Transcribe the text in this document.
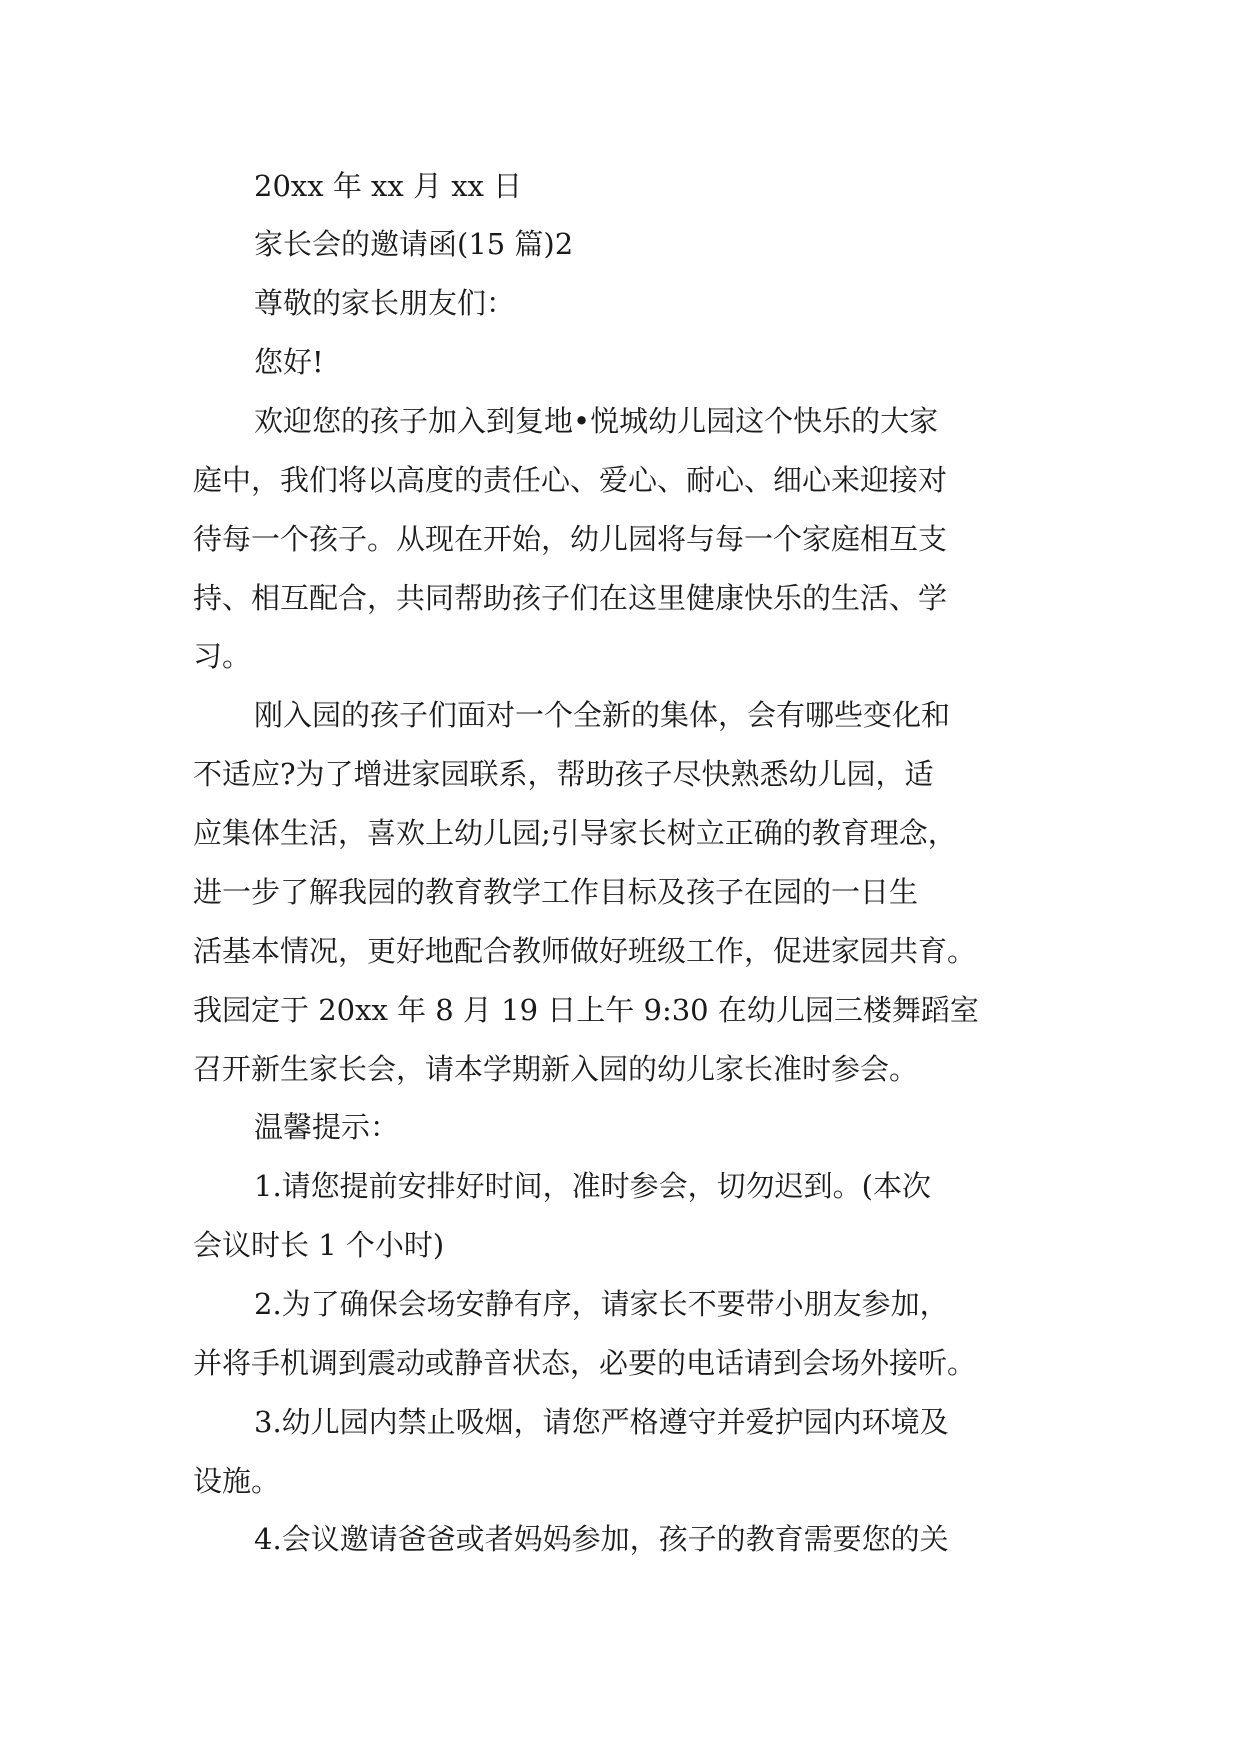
20xx 年 xx 月 xx 日
家长会的邀请函(15 篇)2
尊敬的家长朋友们：
您好!
欢迎您的孩子加入到复地•悦城幼儿园这个快乐的大家
庭中，我们将以高度的责任心、爱心、耐心、细心来迎接对
待每一个孩子。从现在开始，幼儿园将与每一个家庭相互支
持、相互配合，共同帮助孩子们在这里健康快乐的生活、学
习。
刚入园的孩子们面对一个全新的集体，会有哪些变化和
不适应?为了增进家园联系，帮助孩子尽快熟悉幼儿园，适
应集体生活，喜欢上幼儿园;引导家长树立正确的教育理念，
进一步了解我园的教育教学工作目标及孩子在园的一日生
活基本情况，更好地配合教师做好班级工作，促进家园共育。
我园定于 20xx 年 8 月 19 日上午 9:30 在幼儿园三楼舞蹈室
召开新生家长会，请本学期新入园的幼儿家长准时参会。
温馨提示：
1.请您提前安排好时间，准时参会，切勿迟到。(本次
会议时长 1 个小时)
2.为了确保会场安静有序，请家长不要带小朋友参加，
并将手机调到震动或静音状态，必要的电话请到会场外接听。
3.幼儿园内禁止吸烟，请您严格遵守并爱护园内环境及
设施。
4.会议邀请爸爸或者妈妈参加，孩子的教育需要您的关
